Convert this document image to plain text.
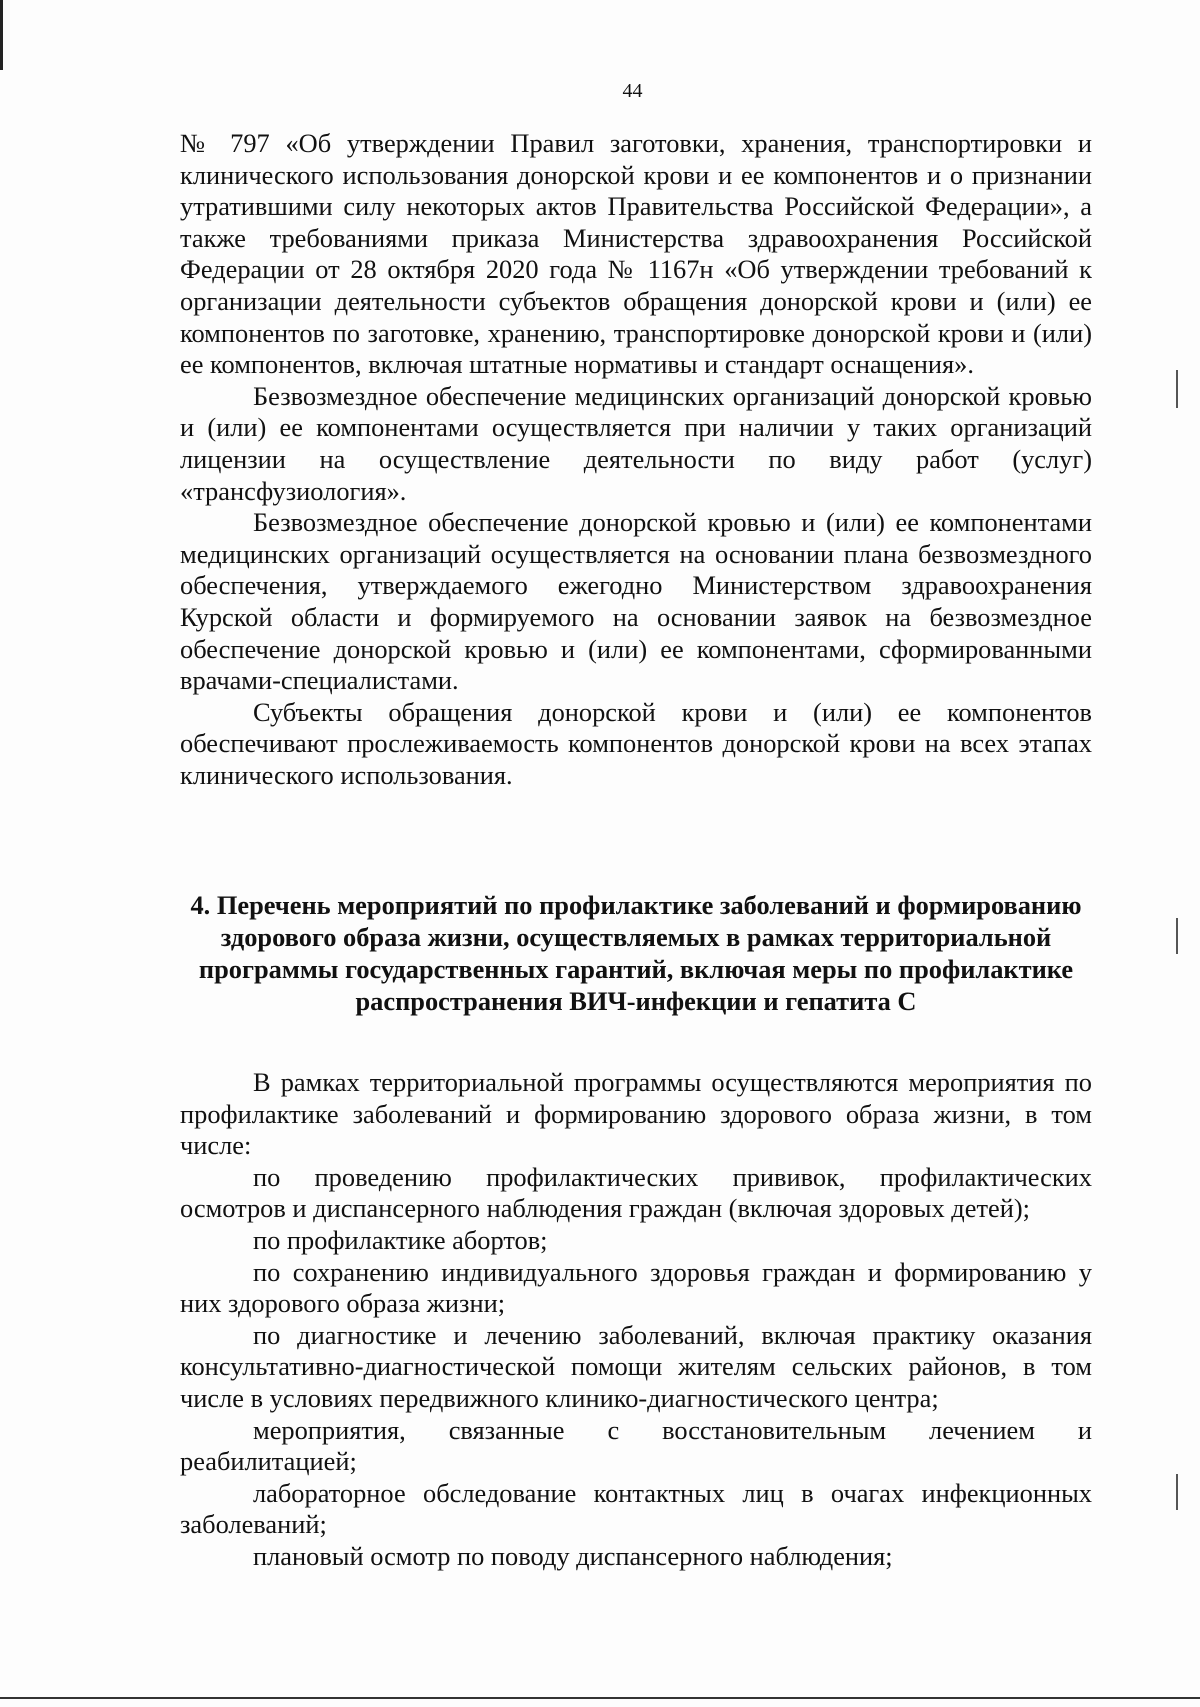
44

№ 797 «Об утверждении Правил заготовки, хранения, транспортировки и клинического использования донорской крови и ее компонентов и о признании утратившими силу некоторых актов Правительства Российской Федерации», а также требованиями приказа Министерства здравоохранения Российской Федерации от 28 октября 2020 года № 1167н «Об утверждении требований к организации деятельности субъектов обращения донорской крови и (или) ее компонентов по заготовке, хранению, транспортировке донорской крови и (или) ее компонентов, включая штатные нормативы и стандарт оснащения».

Безвозмездное обеспечение медицинских организаций донорской кровью и (или) ее компонентами осуществляется при наличии у таких организаций лицензии на осуществление деятельности по виду работ (услуг) «трансфузиология».

Безвозмездное обеспечение донорской кровью и (или) ее компонентами медицинских организаций осуществляется на основании плана безвозмездного обеспечения, утверждаемого ежегодно Министерством здравоохранения Курской области и формируемого на основании заявок на безвозмездное обеспечение донорской кровью и (или) ее компонентами, сформированными врачами-специалистами.

Субъекты обращения донорской крови и (или) ее компонентов обеспечивают прослеживаемость компонентов донорской крови на всех этапах клинического использования.

4. Перечень мероприятий по профилактике заболеваний и формированию здорового образа жизни, осуществляемых в рамках территориальной программы государственных гарантий, включая меры по профилактике распространения ВИЧ-инфекции и гепатита С

В рамках территориальной программы осуществляются мероприятия по профилактике заболеваний и формированию здорового образа жизни, в том числе:

по проведению профилактических прививок, профилактических осмотров и диспансерного наблюдения граждан (включая здоровых детей);

по профилактике абортов;

по сохранению индивидуального здоровья граждан и формированию у них здорового образа жизни;

по диагностике и лечению заболеваний, включая практику оказания консультативно-диагностической помощи жителям сельских районов, в том числе в условиях передвижного клинико-диагностического центра;

мероприятия, связанные с восстановительным лечением и реабилитацией;

лабораторное обследование контактных лиц в очагах инфекционных заболеваний;

плановый осмотр по поводу диспансерного наблюдения;
